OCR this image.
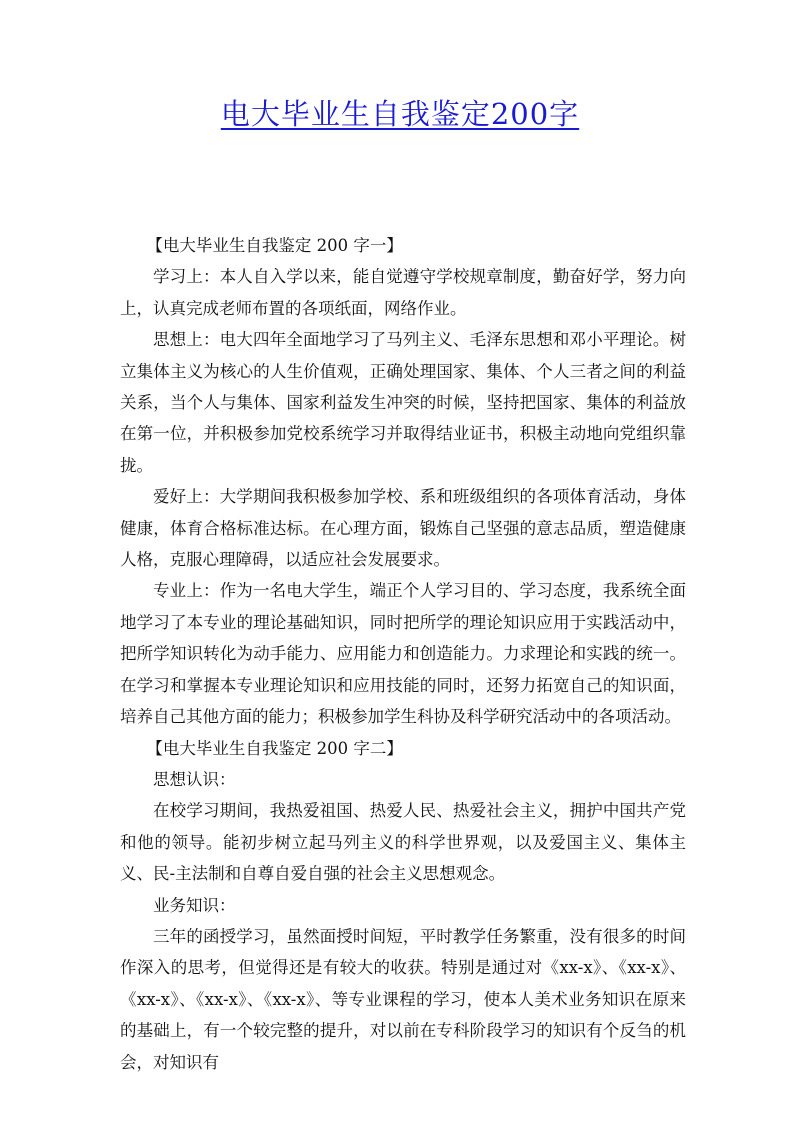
电大毕业生自我鉴定200字

【电大毕业生自我鉴定 200 字一】

学习上：本人自入学以来，能自觉遵守学校规章制度，勤奋好学，努力向上，认真完成老师布置的各项纸面，网络作业。

思想上：电大四年全面地学习了马列主义、毛泽东思想和邓小平理论。树立集体主义为核心的人生价值观，正确处理国家、集体、个人三者之间的利益关系，当个人与集体、国家利益发生冲突的时候，坚持把国家、集体的利益放在第一位，并积极参加党校系统学习并取得结业证书，积极主动地向党组织靠拢。

爱好上：大学期间我积极参加学校、系和班级组织的各项体育活动，身体健康，体育合格标准达标。在心理方面，锻炼自己坚强的意志品质，塑造健康人格，克服心理障碍，以适应社会发展要求。

专业上：作为一名电大学生，端正个人学习目的、学习态度，我系统全面地学习了本专业的理论基础知识，同时把所学的理论知识应用于实践活动中，把所学知识转化为动手能力、应用能力和创造能力。力求理论和实践的统一。在学习和掌握本专业理论知识和应用技能的同时，还努力拓宽自己的知识面，培养自己其他方面的能力；积极参加学生科协及科学研究活动中的各项活动。

【电大毕业生自我鉴定 200 字二】

思想认识：

在校学习期间，我热爱祖国、热爱人民、热爱社会主义，拥护中国共产党和他的领导。能初步树立起马列主义的科学世界观，以及爱国主义、集体主义、民-主法制和自尊自爱自强的社会主义思想观念。

业务知识：

三年的函授学习，虽然面授时间短，平时教学任务繁重，没有很多的时间作深入的思考，但觉得还是有较大的收获。特别是通过对《xx-x》、《xx-x》、《xx-x》、《xx-x》、《xx-x》、等专业课程的学习，使本人美术业务知识在原来的基础上，有一个较完整的提升，对以前在专科阶段学习的知识有个反刍的机会，对知识有
